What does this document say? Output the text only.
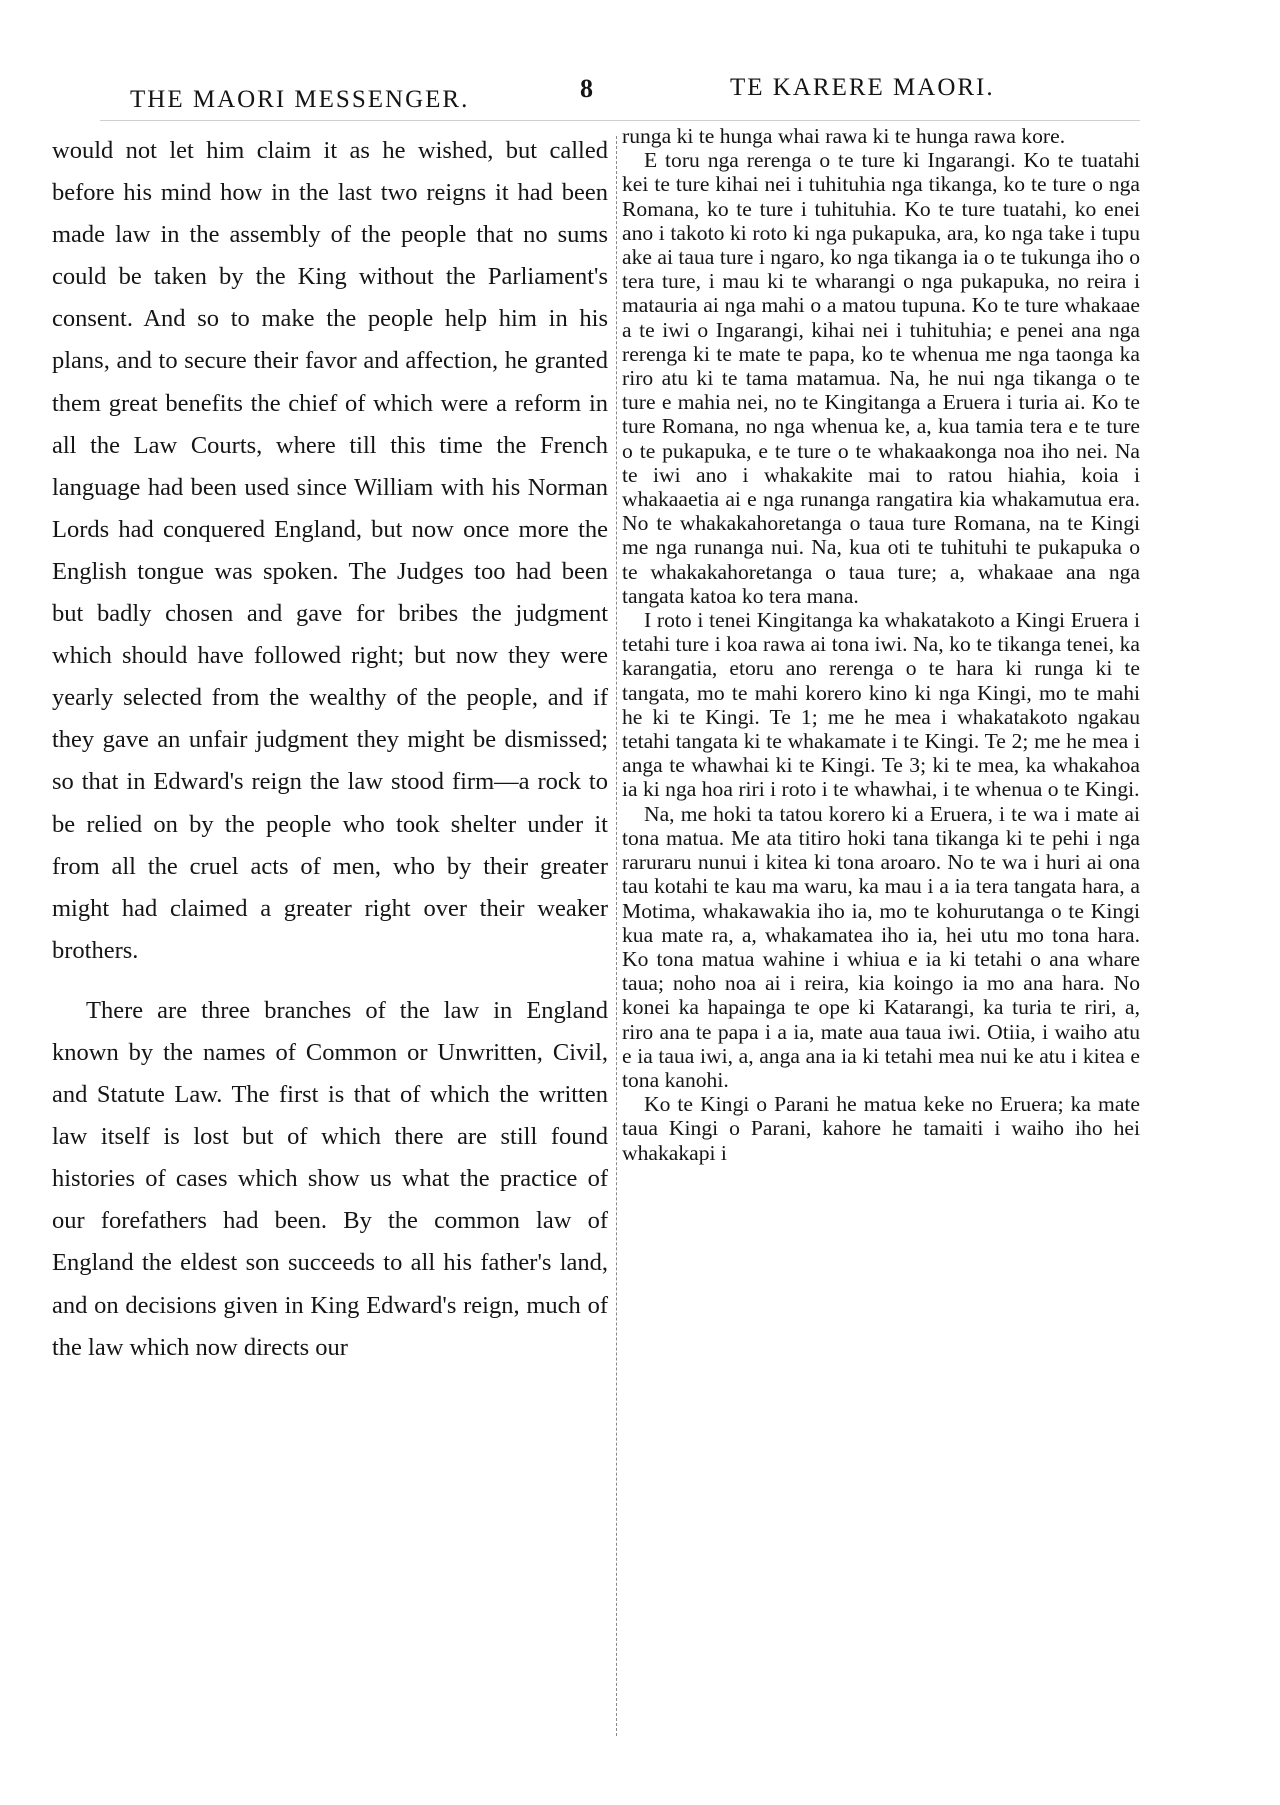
THE MAORI MESSENGER.	8	TE KARERE MAORI.

would not let him claim it as he wished, but called before his mind how in the last two reigns it had been made law in the assembly of the people that no sums could be taken by the King without the Parliament's consent. And so to make the people help him in his plans, and to secure their favor and affection, he granted them great benefits the chief of which were a reform in all the Law Courts, where till this time the French language had been used since William with his Norman Lords had conquered England, but now once more the English tongue was spoken. The Judges too had been but badly chosen and gave for bribes the judgment which should have followed right; but now they were yearly selected from the wealthy of the people, and if they gave an unfair judgment they might be dismissed; so that in Edward's reign the law stood firm—a rock to be relied on by the people who took shelter under it from all the cruel acts of men, who by their greater might had claimed a greater right over their weaker brothers.

There are three branches of the law in England known by the names of Common or Unwritten, Civil, and Statute Law. The first is that of which the written law itself is lost but of which there are still found histories of cases which show us what the practice of our forefathers had been. By the common law of England the eldest son succeeds to all his father's land, and on decisions given in King Edward's reign, much of the law which now directs our

runga ki te hunga whai rawa ki te hunga rawa kore.

E toru nga rerenga o te ture ki Ingarangi. Ko te tuatahi kei te ture kihai nei i tuhituhia nga tikanga, ko te ture o nga Romana, ko te ture i tuhituhia. Ko te ture tuatahi, ko enei ano i takoto ki roto ki nga pukapuka, ara, ko nga take i tupu ake ai taua ture i ngaro, ko nga tikanga ia o te tukunga iho o tera ture, i mau ki te wharangi o nga pukapuka, no reira i matauria ai nga mahi o a matou tupuna. Ko te ture whakaae a te iwi o Ingarangi, kihai nei i tuhituhia; e penei ana nga rerenga ki te mate te papa, ko te whenua me nga taonga ka riro atu ki te tama matamua. Na, he nui nga tikanga o te ture e mahia nei, no te Kingitanga a Eruera i turia ai. Ko te ture Romana, no nga whenua ke, a, kua tamia tera e te ture o te pukapuka, e te ture o te whakaakonga noa iho nei. Na te iwi ano i whakakite mai to ratou hiahia, koia i whakaaetia ai e nga runanga rangatira kia whakamutua era. No te whakakahoretanga o taua ture Romana, na te Kingi me nga runanga nui. Na, kua oti te tuhituhi te pukapuka o te whakakahoretanga o taua ture; a, whakaae ana nga tangata katoa ko tera mana.

I roto i tenei Kingitanga ka whakatakoto a Kingi Eruera i tetahi ture i koa rawa ai tona iwi. Na, ko te tikanga tenei, ka karangatia, etoru ano rerenga o te hara ki runga ki te tangata, mo te mahi korero kino ki nga Kingi, mo te mahi he ki te Kingi. Te 1; me he mea i whakatakoto ngakau tetahi tangata ki te whakamate i te Kingi. Te 2; me he mea i anga te whawhai ki te Kingi. Te 3; ki te mea, ka whakahoa ia ki nga hoa riri i roto i te whawhai, i te whenua o te Kingi.

Na, me hoki ta tatou korero ki a Eruera, i te wa i mate ai tona matua. Me ata titiro hoki tana tikanga ki te pehi i nga raruraru nunui i kitea ki tona aroaro. No te wa i huri ai ona tau kotahi te kau ma waru, ka mau i a ia tera tangata hara, a Motima, whakawakia iho ia, mo te kohurutanga o te Kingi kua mate ra, a, whakamatea iho ia, hei utu mo tona hara. Ko tona matua wahine i whiua e ia ki tetahi o ana whare taua; noho noa ai i reira, kia koingo ia mo ana hara. No konei ka hapainga te ope ki Katarangi, ka turia te riri, a, riro ana te papa i a ia, mate aua taua iwi. Otiia, i waiho atu e ia taua iwi, a, anga ana ia ki tetahi mea nui ke atu i kitea e tona kanohi.

Ko te Kingi o Parani he matua keke no Eruera; ka mate taua Kingi o Parani, kahore he tamaiti i waiho iho hei whakakapi i
